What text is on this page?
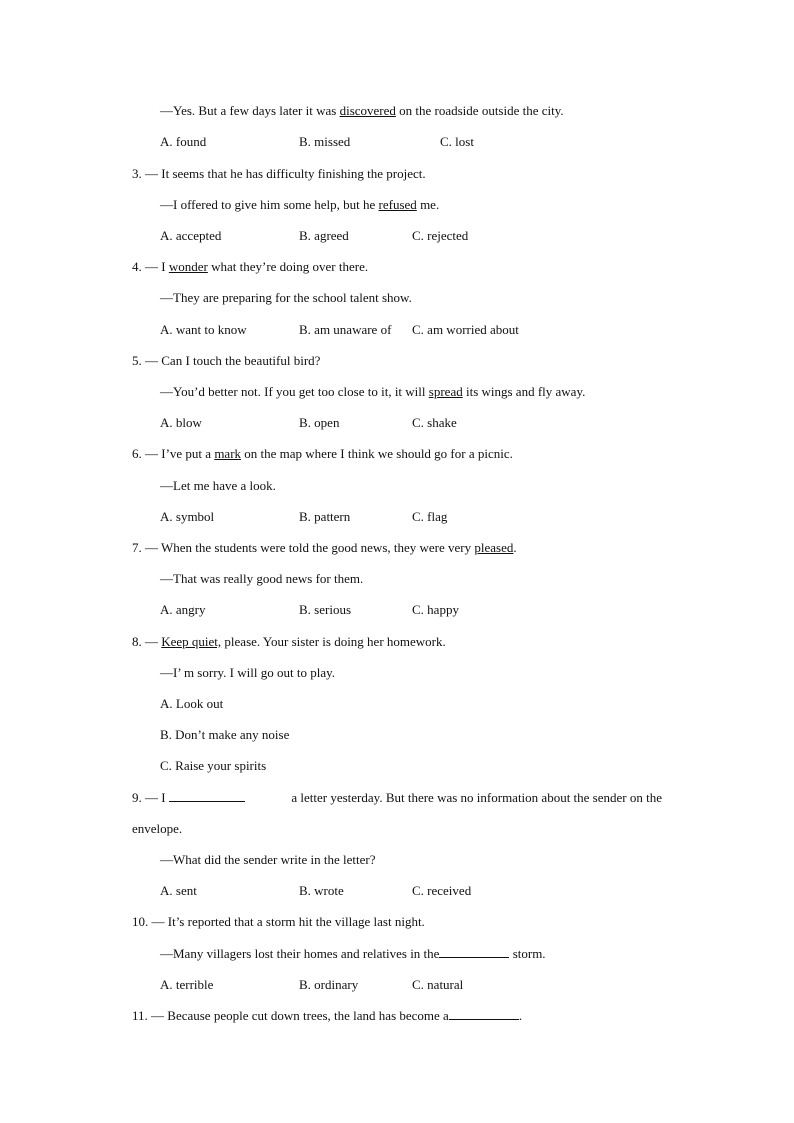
—Yes. But a few days later it was discovered on the roadside outside the city.
A. found	B. missed	C. lost
3. — It seems that he has difficulty finishing the project.
—I offered to give him some help, but he refused me.
A. accepted	B. agreed	C. rejected
4. — I wonder what they’re doing over there.
—They are preparing for the school talent show.
A. want to know	B. am unaware of C. am worried about
5. — Can I touch the beautiful bird?
—You’d better not. If you get too close to it, it will spread its wings and fly away.
A. blow	B. open	C. shake
6. — I’ve put a mark on the map where I think we should go for a picnic.
—Let me have a look.
A. symbol	B. pattern	C. flag
7. — When the students were told the good news, they were very pleased.
—That was really good news for them.
A. angry	B. serious	C. happy
8. — Keep quiet, please. Your sister is doing her homework.
—I’ m sorry. I will go out to play.
A. Look out
B. Don’t make any noise
C. Raise your spirits
9. — I	a letter yesterday. But there was no information about the sender on the
envelope.
—What did the sender write in the letter?
A. sent	B. wrote	C. received
10. — It’s reported that a storm hit the village last night.
—Many villagers lost their homes and relatives in the	storm.
A. terrible	B. ordinary	C. natural
11. — Because people cut down trees, the land has become a	.
